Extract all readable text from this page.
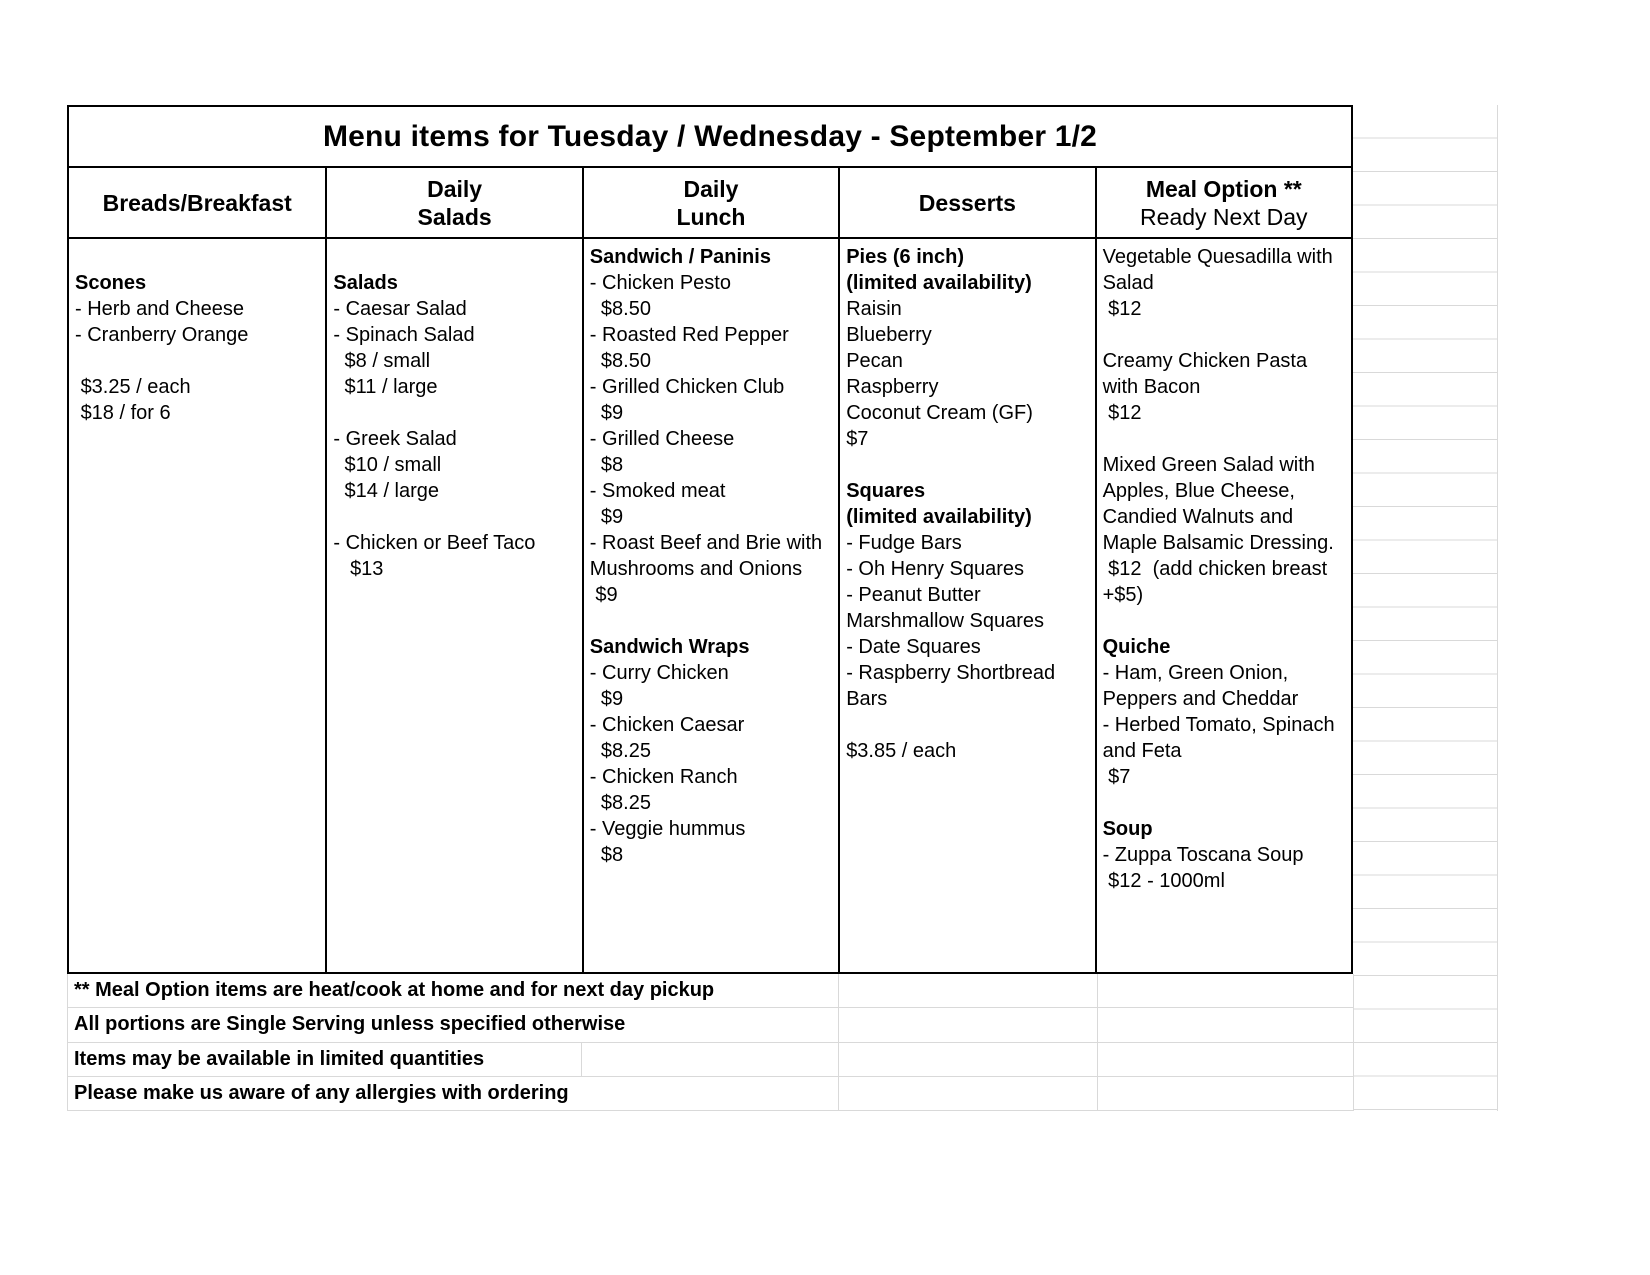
Menu items for Tuesday / Wednesday - September 1/2
Breads/Breakfast
Daily
Salads
Daily
Lunch
Desserts
Meal Option **
Ready Next Day

Scones
- Herb and Cheese
- Cranberry Orange

$3.25 / each
$18 / for 6

Salads
- Caesar Salad
- Spinach Salad
$8 / small
$11 / large

- Greek Salad
$10 / small
$14 / large

- Chicken or Beef Taco
$13
Sandwich / Paninis
- Chicken Pesto
$8.50
- Roasted Red Pepper
$8.50
- Grilled Chicken Club
$9
- Grilled Cheese
$8
- Smoked meat
$9
- Roast Beef and Brie with Mushrooms and Onions
$9

Sandwich Wraps
- Curry Chicken
$9
- Chicken Caesar
$8.25
- Chicken Ranch
$8.25
- Veggie hummus
$8
Pies (6 inch)
(limited availability)
Raisin
Blueberry
Pecan
Raspberry
Coconut Cream (GF)
$7

Squares
(limited availability)
- Fudge Bars
- Oh Henry Squares
- Peanut Butter Marshmallow Squares
- Date Squares
- Raspberry Shortbread Bars

$3.85 / each
Vegetable Quesadilla with Salad
$12

Creamy Chicken Pasta with Bacon
$12

Mixed Green Salad with Apples, Blue Cheese, Candied Walnuts and Maple Balsamic Dressing.
$12  (add chicken breast +$5)

Quiche
- Ham, Green Onion, Peppers and Cheddar
- Herbed Tomato, Spinach and Feta
$7

Soup
- Zuppa Toscana Soup
$12 - 1000ml
** Meal Option items are heat/cook at home and for next day pickup
All portions are Single Serving unless specified otherwise
Items may be available in limited quantities
Please make us aware of any allergies with ordering
